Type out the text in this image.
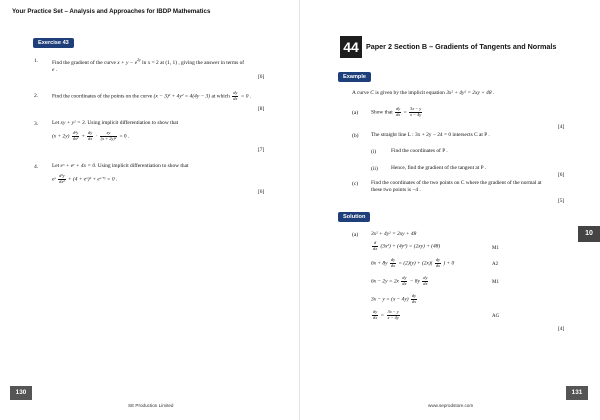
Your Practice Set – Analysis and Approaches for IBDP Mathematics
Exercise 43
1.	Find the gradient of the curve $x + y - e^{2y}$ ln x = 2 at (1, 1) , giving the answer in terms of
e .
[6]
2.	Find the coordinates of the points on the curve (x − 3)² + 4y² = 4(4y − 3) at which $\frac{dy}{dx} = 0$ .
[8]
3.	Let xy + y² = 3. Using implicit differentiation to show that
$(x + 2y) \frac{\text{d²y}}{\text{dx²}} + \frac{dy}{dx} \cdot \frac{xy}{\text{(x + 2y)²}} = 0$ .
[7]
4.	Let eˣ + eʸ + 4x = 0. Using implicit differentiation to show that
eʸ $\frac{\text{d²y}}{\text{dx²}} + (4$ + eˣ)² + eˣ⁺ʸ = 0 .
[6]
130
SE Production Limited
44	Paper 2 Section B – Gradients of Tangents and Normals
Example
A curve C is given by the implicit equation 3x² + 4y² = 2xy + 48 .
(a) Show that $\frac{dy}{dx} = \frac{3x - y}{x - 4y}$
[4]
(b) The straight line L : 3x + 2y − 24 = 0 intersects C at P .
(i)	Find the coordinates of P .
(ii) Hence, find the gradient of the tangent at P .
[6]
(c) Find the coordinates of the two points on C where the gradient of the normal at
these two points is −4 .
[5]
Solution
(a) 3x² + 4y² = 2xy + 48
$\frac{d}{dx} (3x^2) + (4y^2) = (2xy) + (48)$	M1
$6x + 8y \frac{dy}{dx} = (2)(y) + (2x)( \frac{dy}{dx}$ ) + 0	A2
$6x - 2y = 2x \frac{dy}{dx} - 8y \frac{dy}{dx}$	M1
$3x - y = (x - 4y) \frac{dy}{dx}$
$\frac{dy}{dx} = \frac{3x - y}{x - 4y}$	AG
[4]
10
131
www.seprodstore.com
